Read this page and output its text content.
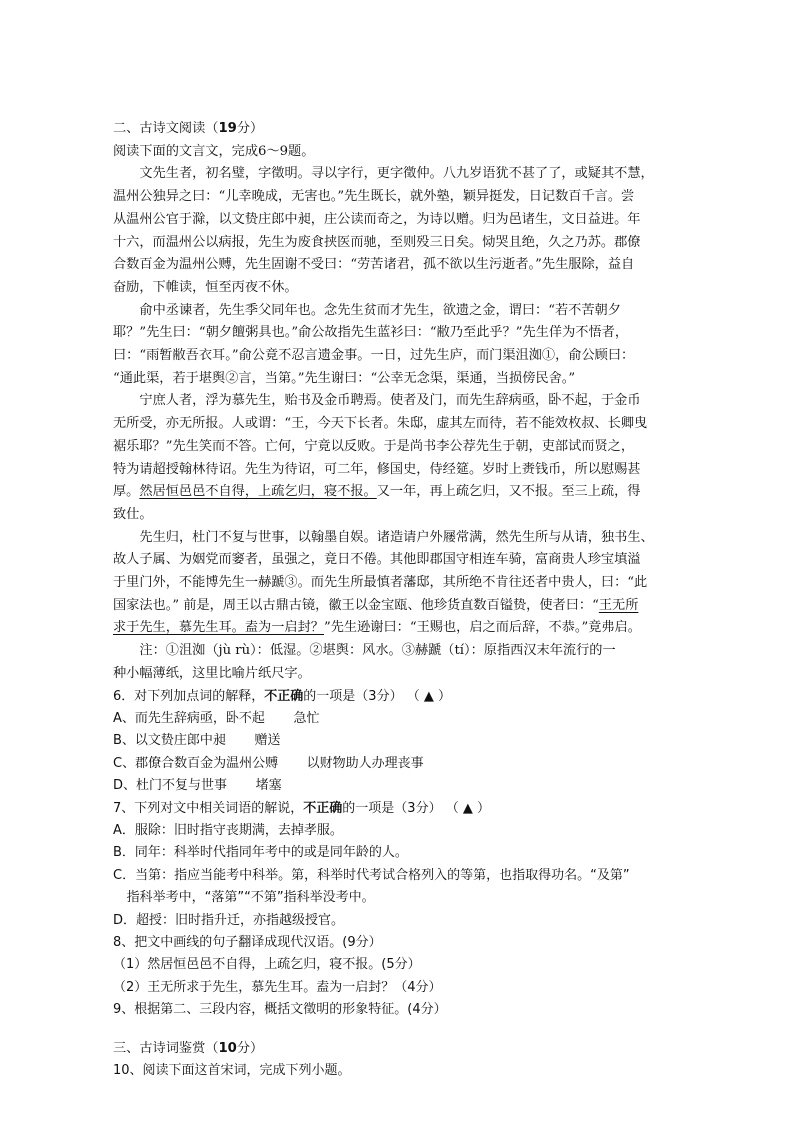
二、古诗文阅读（19分）
阅读下面的文言文，完成6～9题。
文先生者，初名璧，字徵明。寻以字行，更字徵仲。八九岁语犹不甚了了，或疑其不慧，
温州公独异之曰：“儿幸晚成，无害也。”先生既长，就外塾，颖异挺发，日记数百千言。尝
从温州公官于滁，以文贽庄郎中昶，庄公读而奇之，为诗以赠。归为邑诸生，文日益进。年
十六，而温州公以病报，先生为废食挟医而驰，至则殁三日矣。恸哭且绝，久之乃苏。郡僚
合数百金为温州公赙，先生固谢不受曰：“劳苦诸君，孤不欲以生污逝者。”先生服除，益自
奋励，下帷读，恒至丙夜不休。
俞中丞谏者，先生季父同年也。念先生贫而才先生，欲遗之金，谓曰：“若不苦朝夕
耶？”先生曰：“朝夕饘粥具也。”俞公故指先生蓝衫曰：“敝乃至此乎？”先生佯为不悟者，
曰：“雨暂敝吾衣耳。”俞公竟不忍言遗金事。一日，过先生庐，而门渠沮洳①，俞公顾曰：
“通此渠，若于堪舆②言，当第。”先生谢曰：“公幸无念渠，渠通，当损傍民舍。”
宁庶人者，浮为慕先生，贻书及金币聘焉。使者及门，而先生辞病亟，卧不起，于金币
无所受，亦无所报。人或谓：“王，今天下长者。朱邸，虚其左而待，若不能效枚叔、长卿曳
裾乐耶？”先生笑而不答。亡何，宁竟以反败。于是尚书李公荐先生于朝，吏部试而贤之，
特为请超授翰林待诏。先生为待诏，可二年，修国史，侍经筵。岁时上赉钱币，所以慰赐甚
厚。然居恒邑邑不自得，上疏乞归，寝不报。又一年，再上疏乞归，又不报。至三上疏，得
致仕。
先生归，杜门不复与世事，以翰墨自娱。诸造请户外屦常满，然先生所与从请，独书生、
故人子属、为姻党而窭者，虽强之，竟日不倦。其他即郡国守相连车骑，富商贵人珍宝填溢
于里门外，不能博先生一赫蹏③。而先生所最慎者藩邸，其所绝不肯往还者中贵人，曰：“此
国家法也。” 前是，周王以古鼎古镜，徽王以金宝瓯、他珍货直数百镒贽，使者曰：“王无所
求于先生，慕先生耳。盍为一启封？”先生逊谢曰：“王赐也，启之而后辞，不恭。”竟弗启。
注：①沮洳（jù rù）：低湿。②堪舆：风水。③赫蹏（tí）：原指西汉末年流行的一
种小幅薄纸，这里比喻片纸尺字。
6．对下列加点词的解释，不正确的一项是（3分） （ ▲ ）
A、而先生辞病亟，卧不起 急忙
B、以文贽庄郎中昶 赠送
C、郡僚合数百金为温州公赙 以财物助人办理丧事
D、杜门不复与世事 堵塞
7、下列对文中相关词语的解说，不正确的一项是（3分） （ ▲ ）
A．服除：旧时指守丧期满，去掉孝服。
B．同年：科举时代指同年考中的或是同年龄的人。
C．当第：指应当能考中科举。第，科举时代考试合格列入的等第，也指取得功名。“及第”
指科举考中，“落第”“不第”指科举没考中。
D．超授：旧时指升迁，亦指越级授官。
8、把文中画线的句子翻译成现代汉语。(9分）
（1）然居恒邑邑不自得，上疏乞归，寝不报。(5分）
（2）王无所求于先生，慕先生耳。盍为一启封？（4分）
9、根据第二、三段内容，概括文徵明的形象特征。(4分）
三、古诗词鉴赏（10分）
10、阅读下面这首宋词，完成下列小题。
